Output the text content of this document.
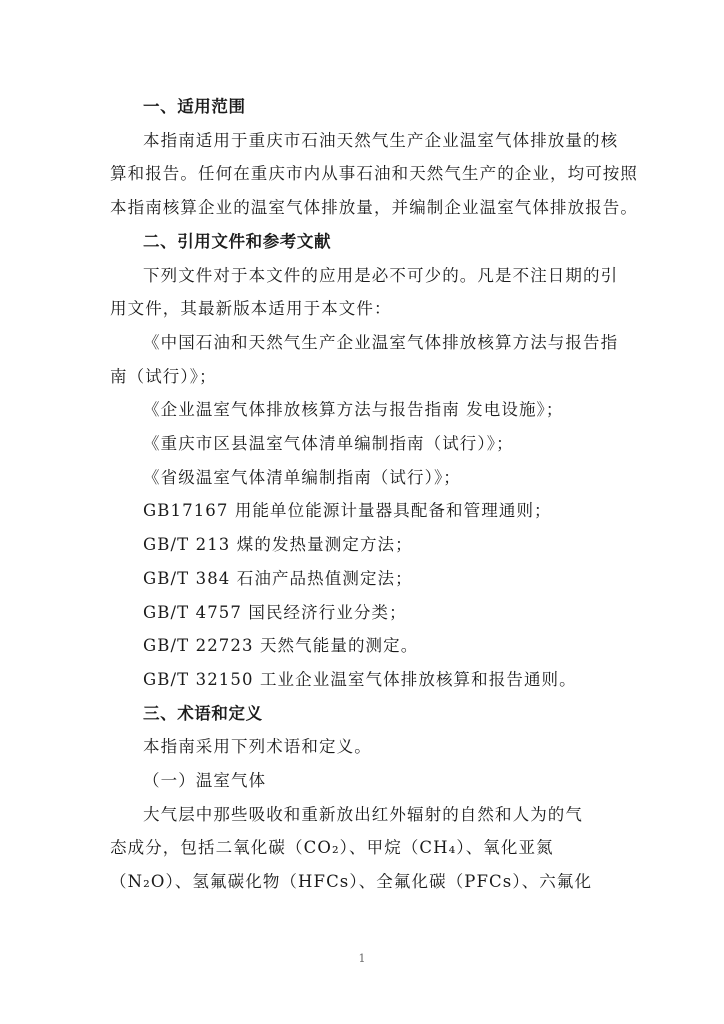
一、适用范围

本指南适用于重庆市石油天然气生产企业温室气体排放量的核

算和报告。任何在重庆市内从事石油和天然气生产的企业，均可按照

本指南核算企业的温室气体排放量，并编制企业温室气体排放报告。

二、引用文件和参考文献

下列文件对于本文件的应用是必不可少的。凡是不注日期的引

用文件，其最新版本适用于本文件：

《中国石油和天然气生产企业温室气体排放核算方法与报告指

南（试行）》；

《企业温室气体排放核算方法与报告指南 发电设施》；

《重庆市区县温室气体清单编制指南（试行）》；

《省级温室气体清单编制指南（试行）》；

GB17167 用能单位能源计量器具配备和管理通则；

GB/T 213 煤的发热量测定方法；

GB/T 384 石油产品热值测定法；

GB/T 4757 国民经济行业分类；

GB/T 22723 天然气能量的测定。

GB/T 32150 工业企业温室气体排放核算和报告通则。

三、术语和定义

本指南采用下列术语和定义。

（一）温室气体

大气层中那些吸收和重新放出红外辐射的自然和人为的气

态成分，包括二氧化碳（CO₂）、甲烷（CH₄）、氧化亚氮

（N₂O）、氢氟碳化物（HFCs）、全氟化碳（PFCs）、六氟化

1
